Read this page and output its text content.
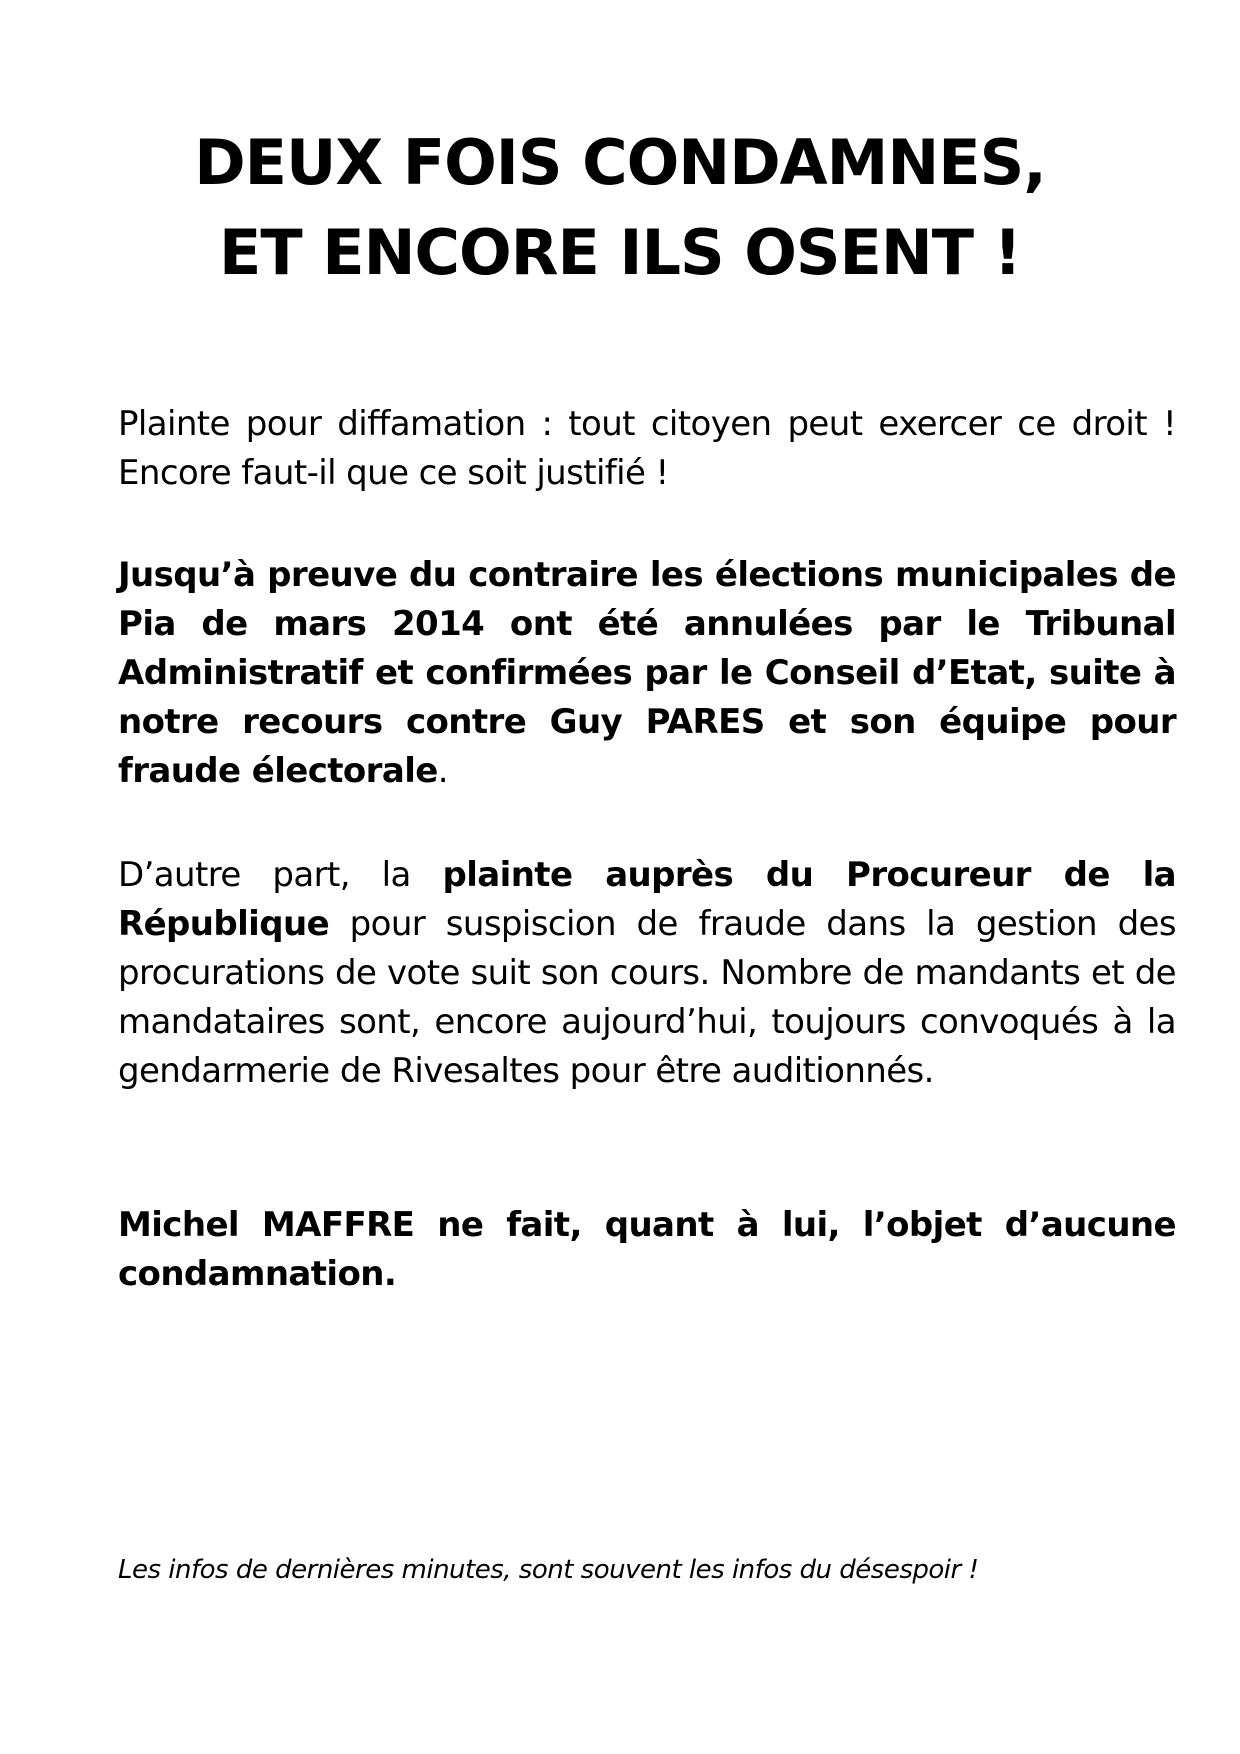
DEUX FOIS CONDAMNES,
ET ENCORE ILS OSENT !

Plainte pour diffamation : tout citoyen peut exercer ce droit ! Encore faut-il que ce soit justifié !

Jusqu’à preuve du contraire les élections municipales de Pia de mars 2014 ont été annulées par le Tribunal Administratif et confirmées par le Conseil d’Etat, suite à notre recours contre Guy PARES et son équipe pour fraude électorale.

D’autre part, la plainte auprès du Procureur de la République pour suspiscion de fraude dans la gestion des procurations de vote suit son cours. Nombre de mandants et de mandataires sont, encore aujourd’hui, toujours convoqués à la gendarmerie de Rivesaltes pour être auditionnés.

Michel MAFFRE ne fait, quant à lui, l’objet d’aucune condamnation.

Les infos de dernières minutes, sont souvent les infos du désespoir !
